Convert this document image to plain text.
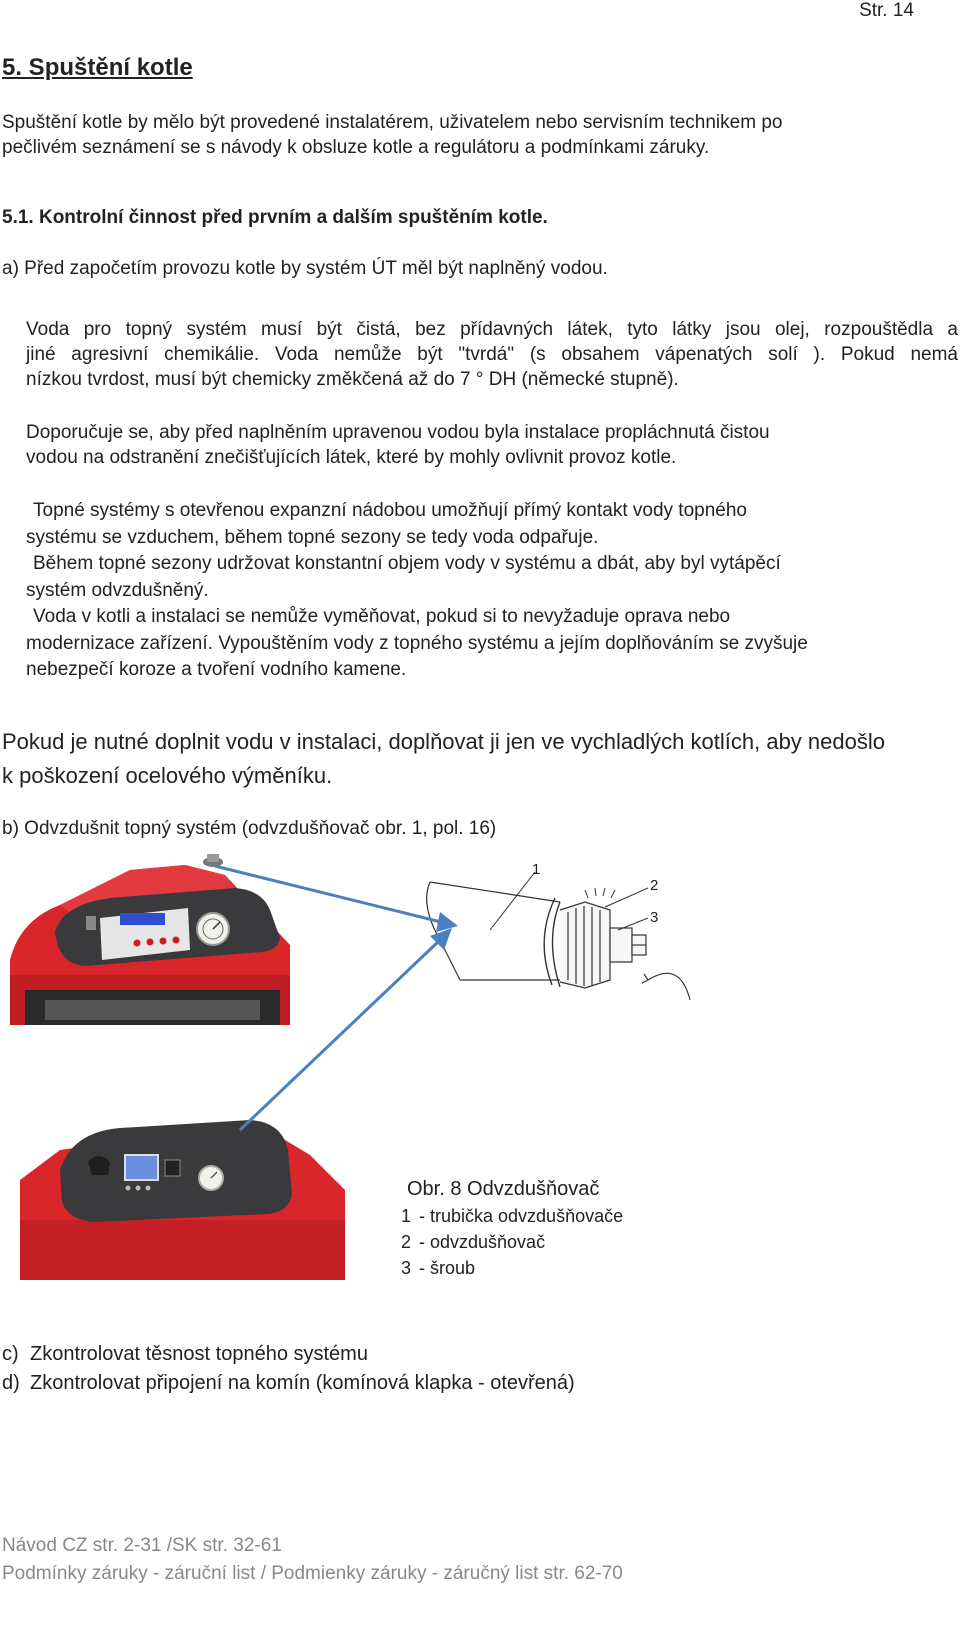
Str. 14
5. Spuštění kotle
Spuštění kotle by mělo být provedené instalatérem, uživatelem nebo servisním technikem po
pečlivém seznámení se s návody k obsluze kotle a regulátoru a podmínkami záruky.
5.1. Kontrolní činnost před prvním a dalším spuštěním kotle.
a) Před započetím provozu kotle by systém ÚT měl být naplněný vodou.
Voda pro topný systém musí být čistá, bez přídavných látek, tyto látky jsou olej, rozpouštědla a
jiné agresivní chemikálie. Voda nemůže být "tvrdá" (s obsahem vápenatých solí ). Pokud nemá
nízkou tvrdost, musí být chemicky změkčená až do 7 ° DH (německé stupně).
Doporučuje se, aby před naplněním upravenou vodou byla instalace propláchnutá čistou
vodou na odstranění znečišťujících látek, které by mohly ovlivnit provoz kotle.
Topné systémy s otevřenou expanzní nádobou umožňují přímý kontakt vody topného
systému se vzduchem, během topné sezony se tedy voda odpařuje.
Během topné sezony udržovat konstantní objem vody v systému a dbát, aby byl vytápěcí
systém odvzdušněný.
Voda v kotli a instalaci se nemůže vyměňovat, pokud si to nevyžaduje oprava nebo
modernizace zařízení. Vypouštěním vody z topného systému a jejím doplňováním se zvyšuje
nebezpečí koroze a tvoření vodního kamene.
Pokud je nutné doplnit vodu v instalaci, doplňovat ji jen ve vychladlých kotlích, aby nedošlo
k poškození ocelového výměníku.
b) Odvzdušnit topný systém (odvzdušňovač obr. 1, pol. 16)
1
2
3
Obr. 8 Odvzdušňovač
1 - trubička odvzdušňovače
2 - odvzdušňovač
3 - šroub
c) Zkontrolovat těsnost topného systému
d) Zkontrolovat připojení na komín (komínová klapka - otevřená)
Návod CZ str. 2-31 /SK str. 32-61
Podmínky záruky - záruční list / Podmienky záruky - záručný list str. 62-70
